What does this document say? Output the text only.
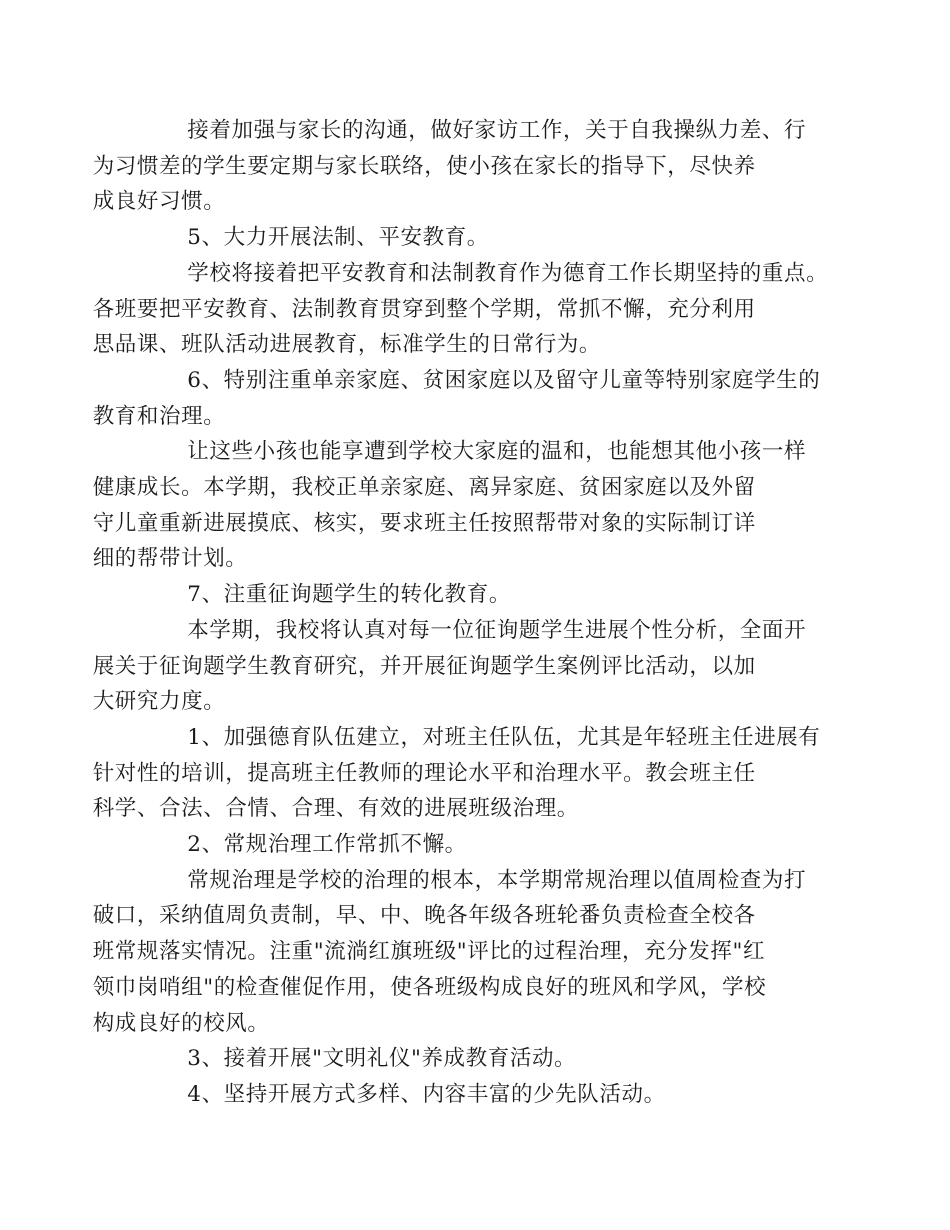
接着加强与家长的沟通，做好家访工作，关于自我操纵力差、行
为习惯差的学生要定期与家长联络，使小孩在家长的指导下，尽快养
成良好习惯。

5、大力开展法制、平安教育。

学校将接着把平安教育和法制教育作为德育工作长期坚持的重点。
各班要把平安教育、法制教育贯穿到整个学期，常抓不懈，充分利用
思品课、班队活动进展教育，标准学生的日常行为。

6、特别注重单亲家庭、贫困家庭以及留守儿童等特别家庭学生的
教育和治理。

让这些小孩也能享遭到学校大家庭的温和，也能想其他小孩一样
健康成长。本学期，我校正单亲家庭、离异家庭、贫困家庭以及外留
守儿童重新进展摸底、核实，要求班主任按照帮带对象的实际制订详
细的帮带计划。

7、注重征询题学生的转化教育。

本学期，我校将认真对每一位征询题学生进展个性分析，全面开
展关于征询题学生教育研究，并开展征询题学生案例评比活动，以加
大研究力度。

1、加强德育队伍建立，对班主任队伍，尤其是年轻班主任进展有
针对性的培训，提高班主任教师的理论水平和治理水平。教会班主任
科学、合法、合情、合理、有效的进展班级治理。

2、常规治理工作常抓不懈。

常规治理是学校的治理的根本，本学期常规治理以值周检查为打
破口，采纳值周负责制，早、中、晚各年级各班轮番负责检查全校各
班常规落实情况。注重"流淌红旗班级"评比的过程治理，充分发挥"红
领巾岗哨组"的检查催促作用，使各班级构成良好的班风和学风，学校
构成良好的校风。

3、接着开展"文明礼仪"养成教育活动。

4、坚持开展方式多样、内容丰富的少先队活动。
